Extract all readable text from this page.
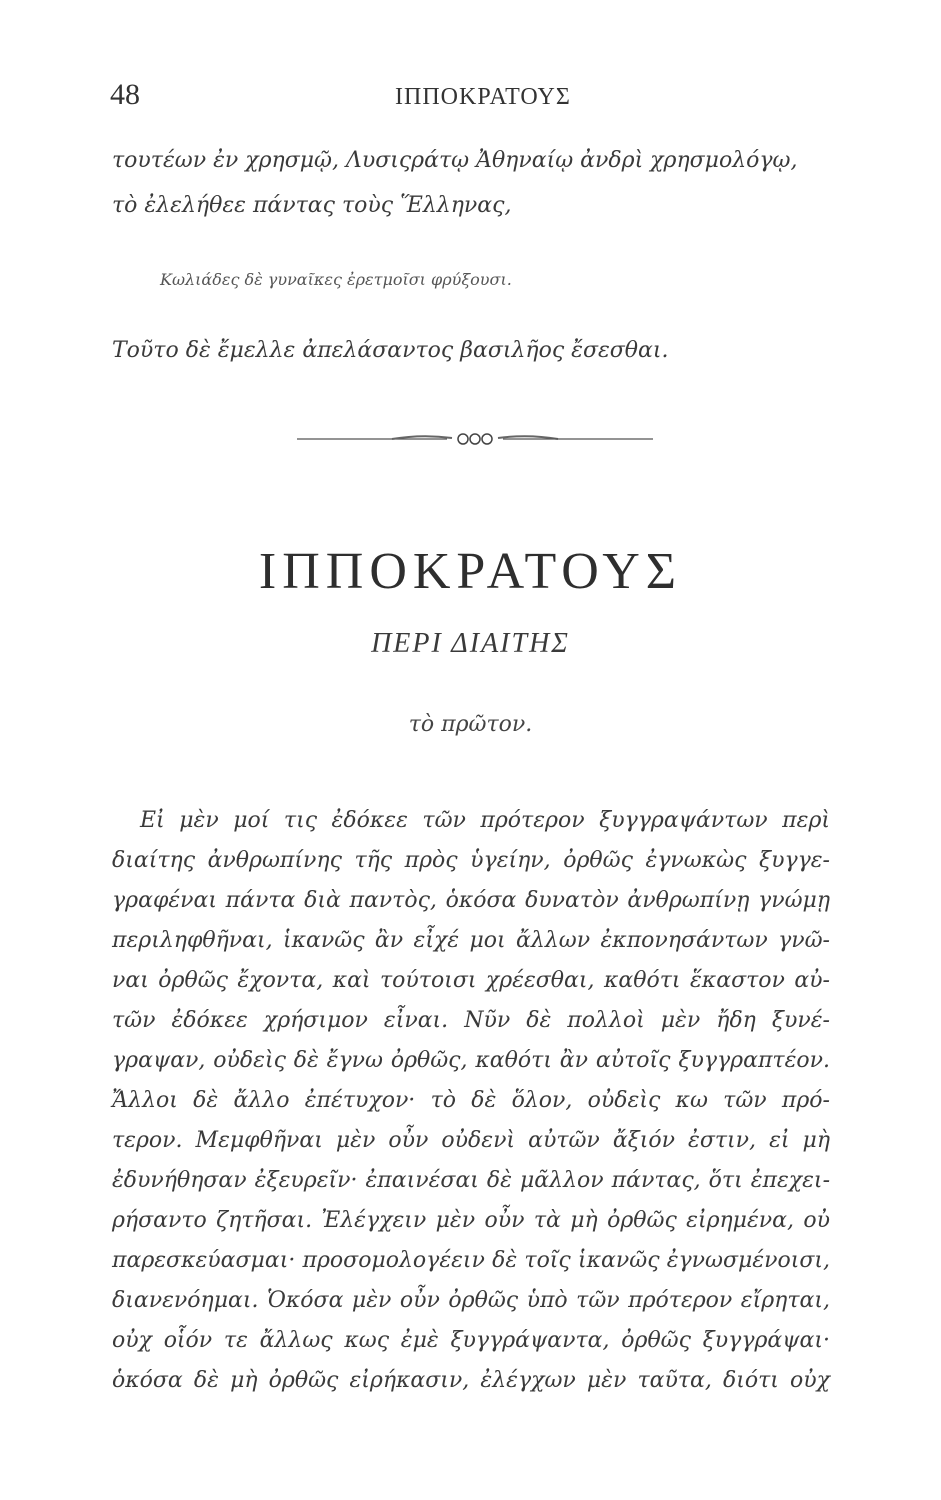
48	ΙΠΠΟΚΡΑΤΟΥΣ
τουτέων ἐν χρησμῷ, Λυσιςράτῳ Ἀθηναίῳ ἀνδρὶ χρησμολόγῳ,
τὸ ἐλελήθεε πάντας τοὺς Ἕλληνας,
Κωλιάδες δὲ γυναῖκες ἐρετμοῖσι φρύξουσι.
Τοῦτο δὲ ἔμελλε ἀπελάσαντος βασιλῆος ἔσεσθαι.
ΙΠΠΟΚΡΑΤΟΥΣ
ΠΕΡΙ ΔΙΑΙΤΗΣ
τὸ πρῶτον.
Εἰ μὲν μοί τις ἐδόκεε τῶν πρότερον ξυγγραψάντων περὶ
διαίτης ἀνθρωπίνης τῆς πρὸς ὑγείην, ὀρθῶς ἐγνωκὼς ξυγγε-
γραφέναι πάντα διὰ παντὸς, ὁκόσα δυνατὸν ἀνθρωπίνῃ γνώμῃ
περιληφθῆναι, ἱκανῶς ἂν εἶχέ μοι ἄλλων ἐκπονησάντων γνῶ-
ναι ὀρθῶς ἔχοντα, καὶ τούτοισι χρέεσθαι, καθότι ἕκαστον αὐ-
τῶν ἐδόκεε χρήσιμον εἶναι. Νῦν δὲ πολλοὶ μὲν ἤδη ξυνέ-
γραψαν, οὐδεὶς δὲ ἔγνω ὀρθῶς, καθότι ἂν αὐτοῖς ξυγγραπτέον.
Ἄλλοι δὲ ἄλλο ἐπέτυχον· τὸ δὲ ὅλον, οὐδεὶς κω τῶν πρό-
τερον. Μεμφθῆναι μὲν οὖν οὐδενὶ αὐτῶν ἄξιόν ἐστιν, εἰ μὴ
ἐδυνήθησαν ἐξευρεῖν· ἐπαινέσαι δὲ μᾶλλον πάντας, ὅτι ἐπεχει-
ρήσαντο ζητῆσαι. Ἐλέγχειν μὲν οὖν τὰ μὴ ὀρθῶς εἰρημένα, οὐ
παρεσκεύασμαι· προσομολογέειν δὲ τοῖς ἱκανῶς ἐγνωσμένοισι,
διανενόημαι. Ὁκόσα μὲν οὖν ὀρθῶς ὑπὸ τῶν πρότερον εἴρηται,
οὐχ οἷόν τε ἄλλως κως ἐμὲ ξυγγράψαντα, ὀρθῶς ξυγγράψαι·
ὁκόσα δὲ μὴ ὀρθῶς εἰρήκασιν, ἐλέγχων μὲν ταῦτα, διότι οὐχ
